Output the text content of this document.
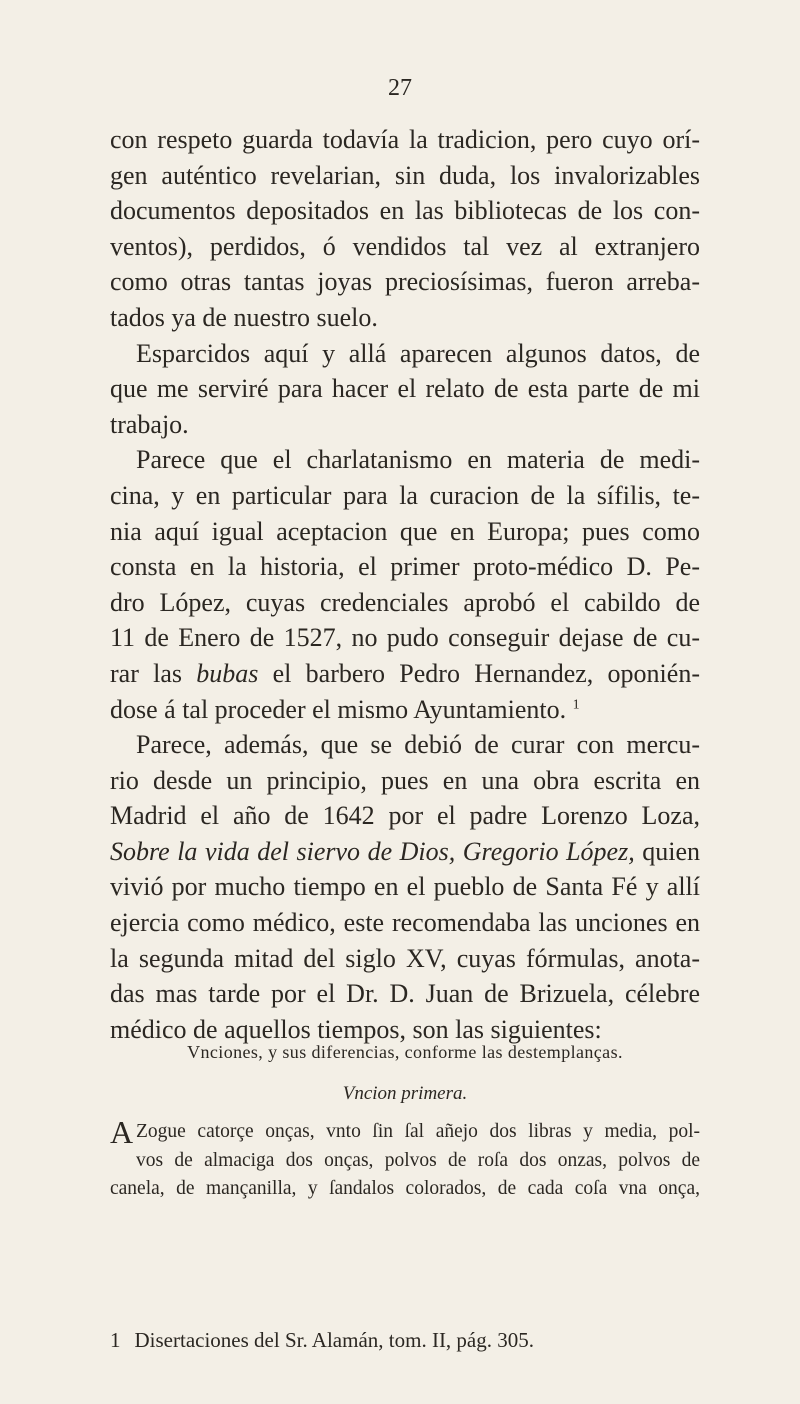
27
con respeto guarda todavía la tradicion, pero cuyo orí-
gen auténtico revelarian, sin duda, los invalorizables
documentos depositados en las bibliotecas de los con-
ventos), perdidos, ó vendidos tal vez al extranjero
como otras tantas joyas preciosísimas, fueron arreba-
tados ya de nuestro suelo.
Esparcidos aquí y allá aparecen algunos datos, de
que me serviré para hacer el relato de esta parte de mi
trabajo.
Parece que el charlatanismo en materia de medi-
cina, y en particular para la curacion de la sífilis, te-
nia aquí igual aceptacion que en Europa; pues como
consta en la historia, el primer proto-médico D. Pe-
dro López, cuyas credenciales aprobó el cabildo de
11 de Enero de 1527, no pudo conseguir dejase de cu-
rar las bubas el barbero Pedro Hernandez, oponién-
dose á tal proceder el mismo Ayuntamiento. $^1$
Parece, además, que se debió de curar con mercu-
rio desde un principio, pues en una obra escrita en
Madrid el año de 1642 por el padre Lorenzo Loza,
Sobre la vida del siervo de Dios, Gregorio López, quien
vivió por mucho tiempo en el pueblo de Santa Fé y allí
ejercia como médico, este recomendaba las unciones en
la segunda mitad del siglo XV, cuyas fórmulas, anota-
das mas tarde por el Dr. D. Juan de Brizuela, célebre
médico de aquellos tiempos, son las siguientes:
Vnciones, y sus diferencias, conforme las destemplanças.
Vncion primera.
A Zogue catorçe onças, vnto ſin ſal añejo dos libras y media, pol-
vos de almaciga dos onças, polvos de roſa dos onzas, polvos de
canela, de mançanilla, y ſandalos colorados, de cada coſa vna onça,
1 Disertaciones del Sr. Alamán, tom. II, pág. 305.
